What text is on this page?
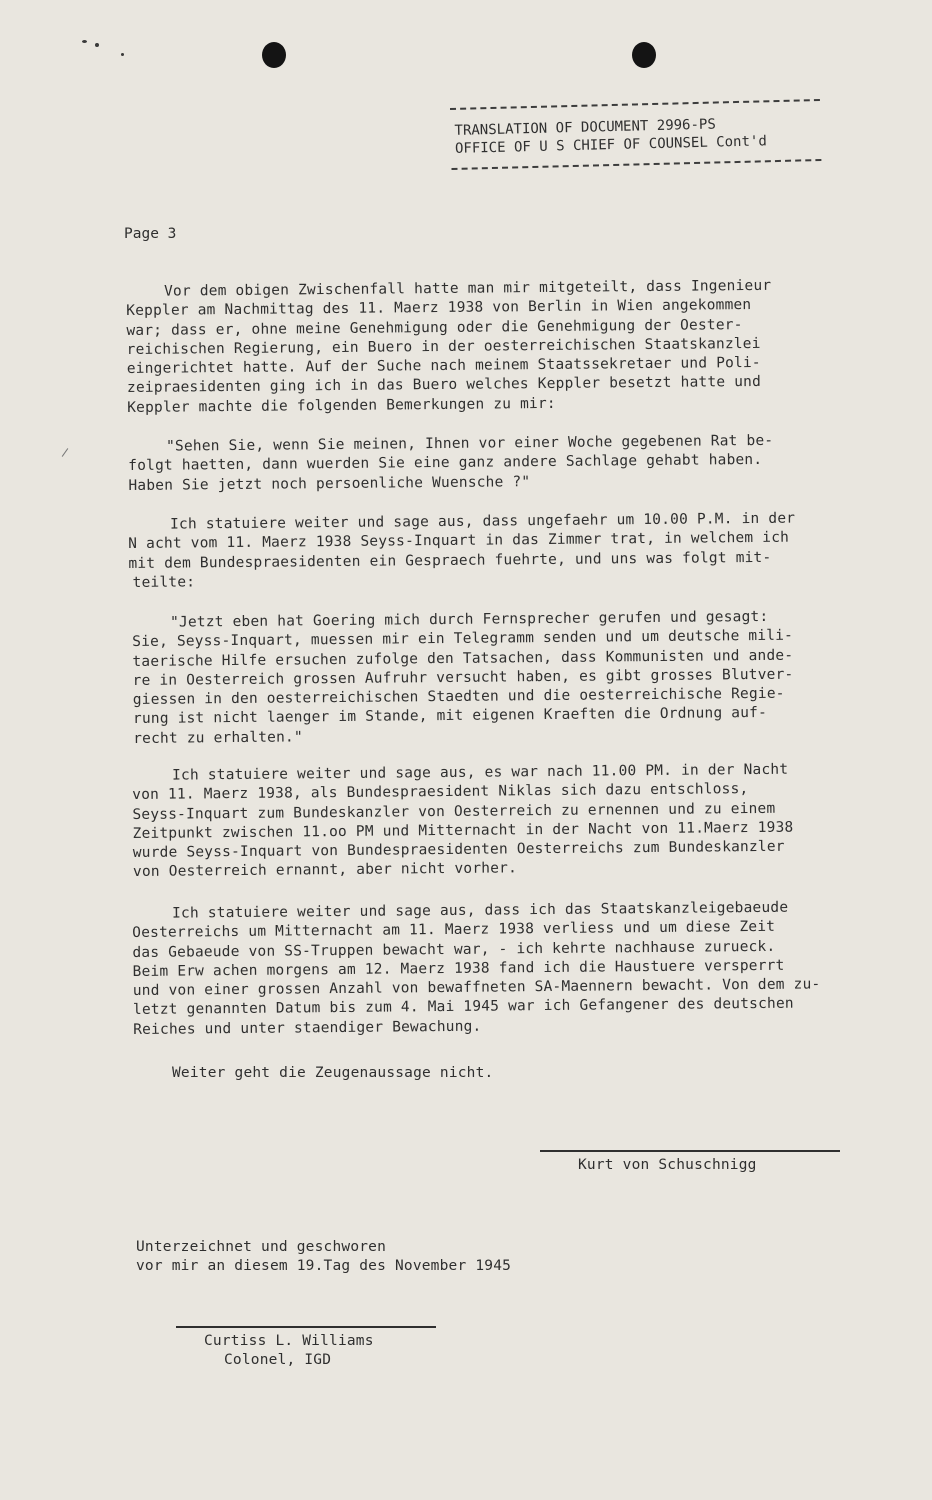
TRANSLATION OF DOCUMENT 2996-PS
OFFICE OF U S CHIEF OF COUNSEL Cont'd
Page 3
Vor dem obigen Zwischenfall hatte man mir mitgeteilt, dass Ingenieur
Keppler am Nachmittag des 11. Maerz 1938 von Berlin in Wien angekommen
war; dass er, ohne meine Genehmigung oder die Genehmigung der Oester-
reichischen Regierung, ein Buero in der oesterreichischen Staatskanzlei
eingerichtet hatte. Auf der Suche nach meinem Staatssekretaer und Poli-
zeipraesidenten ging ich in das Buero welches Keppler besetzt hatte und
Keppler machte die folgenden Bemerkungen zu mir:
"Sehen Sie, wenn Sie meinen, Ihnen vor einer Woche gegebenen Rat be-
folgt haetten, dann wuerden Sie eine ganz andere Sachlage gehabt haben.
Haben Sie jetzt noch persoenliche Wuensche ?"
Ich statuiere weiter und sage aus, dass ungefaehr um 10.00 P.M. in der
N acht vom 11. Maerz 1938 Seyss-Inquart in das Zimmer trat, in welchem ich
mit dem Bundespraesidenten ein Gespraech fuehrte, und uns was folgt mit-
teilte:
"Jetzt eben hat Goering mich durch Fernsprecher gerufen und gesagt:
Sie, Seyss-Inquart, muessen mir ein Telegramm senden und um deutsche mili-
taerische Hilfe ersuchen zufolge den Tatsachen, dass Kommunisten und ande-
re in Oesterreich grossen Aufruhr versucht haben, es gibt grosses Blutver-
giessen in den oesterreichischen Staedten und die oesterreichische Regie-
rung ist nicht laenger im Stande, mit eigenen Kraeften die Ordnung auf-
recht zu erhalten."
Ich statuiere weiter und sage aus, es war nach 11.00 PM. in der Nacht
von 11. Maerz 1938, als Bundespraesident Niklas sich dazu entschloss,
Seyss-Inquart zum Bundeskanzler von Oesterreich zu ernennen und zu einem
Zeitpunkt zwischen 11.oo PM und Mitternacht in der Nacht von 11.Maerz 1938
wurde Seyss-Inquart von Bundespraesidenten Oesterreichs zum Bundeskanzler
von Oesterreich ernannt, aber nicht vorher.
Ich statuiere weiter und sage aus, dass ich das Staatskanzleigebaeude
Oesterreichs um Mitternacht am 11. Maerz 1938 verliess und um diese Zeit
das Gebaeude von SS-Truppen bewacht war, - ich kehrte nachhause zurueck.
Beim Erw achen morgens am 12. Maerz 1938 fand ich die Haustuere versperrt
und von einer grossen Anzahl von bewaffneten SA-Maennern bewacht. Von dem zu-
letzt genannten Datum bis zum 4. Mai 1945 war ich Gefangener des deutschen
Reiches und unter staendiger Bewachung.
Weiter geht die Zeugenaussage nicht.
Kurt von Schuschnigg
Unterzeichnet und geschworen
vor mir an diesem 19.Tag des November 1945
Curtiss L. Williams
Colonel, IGD
